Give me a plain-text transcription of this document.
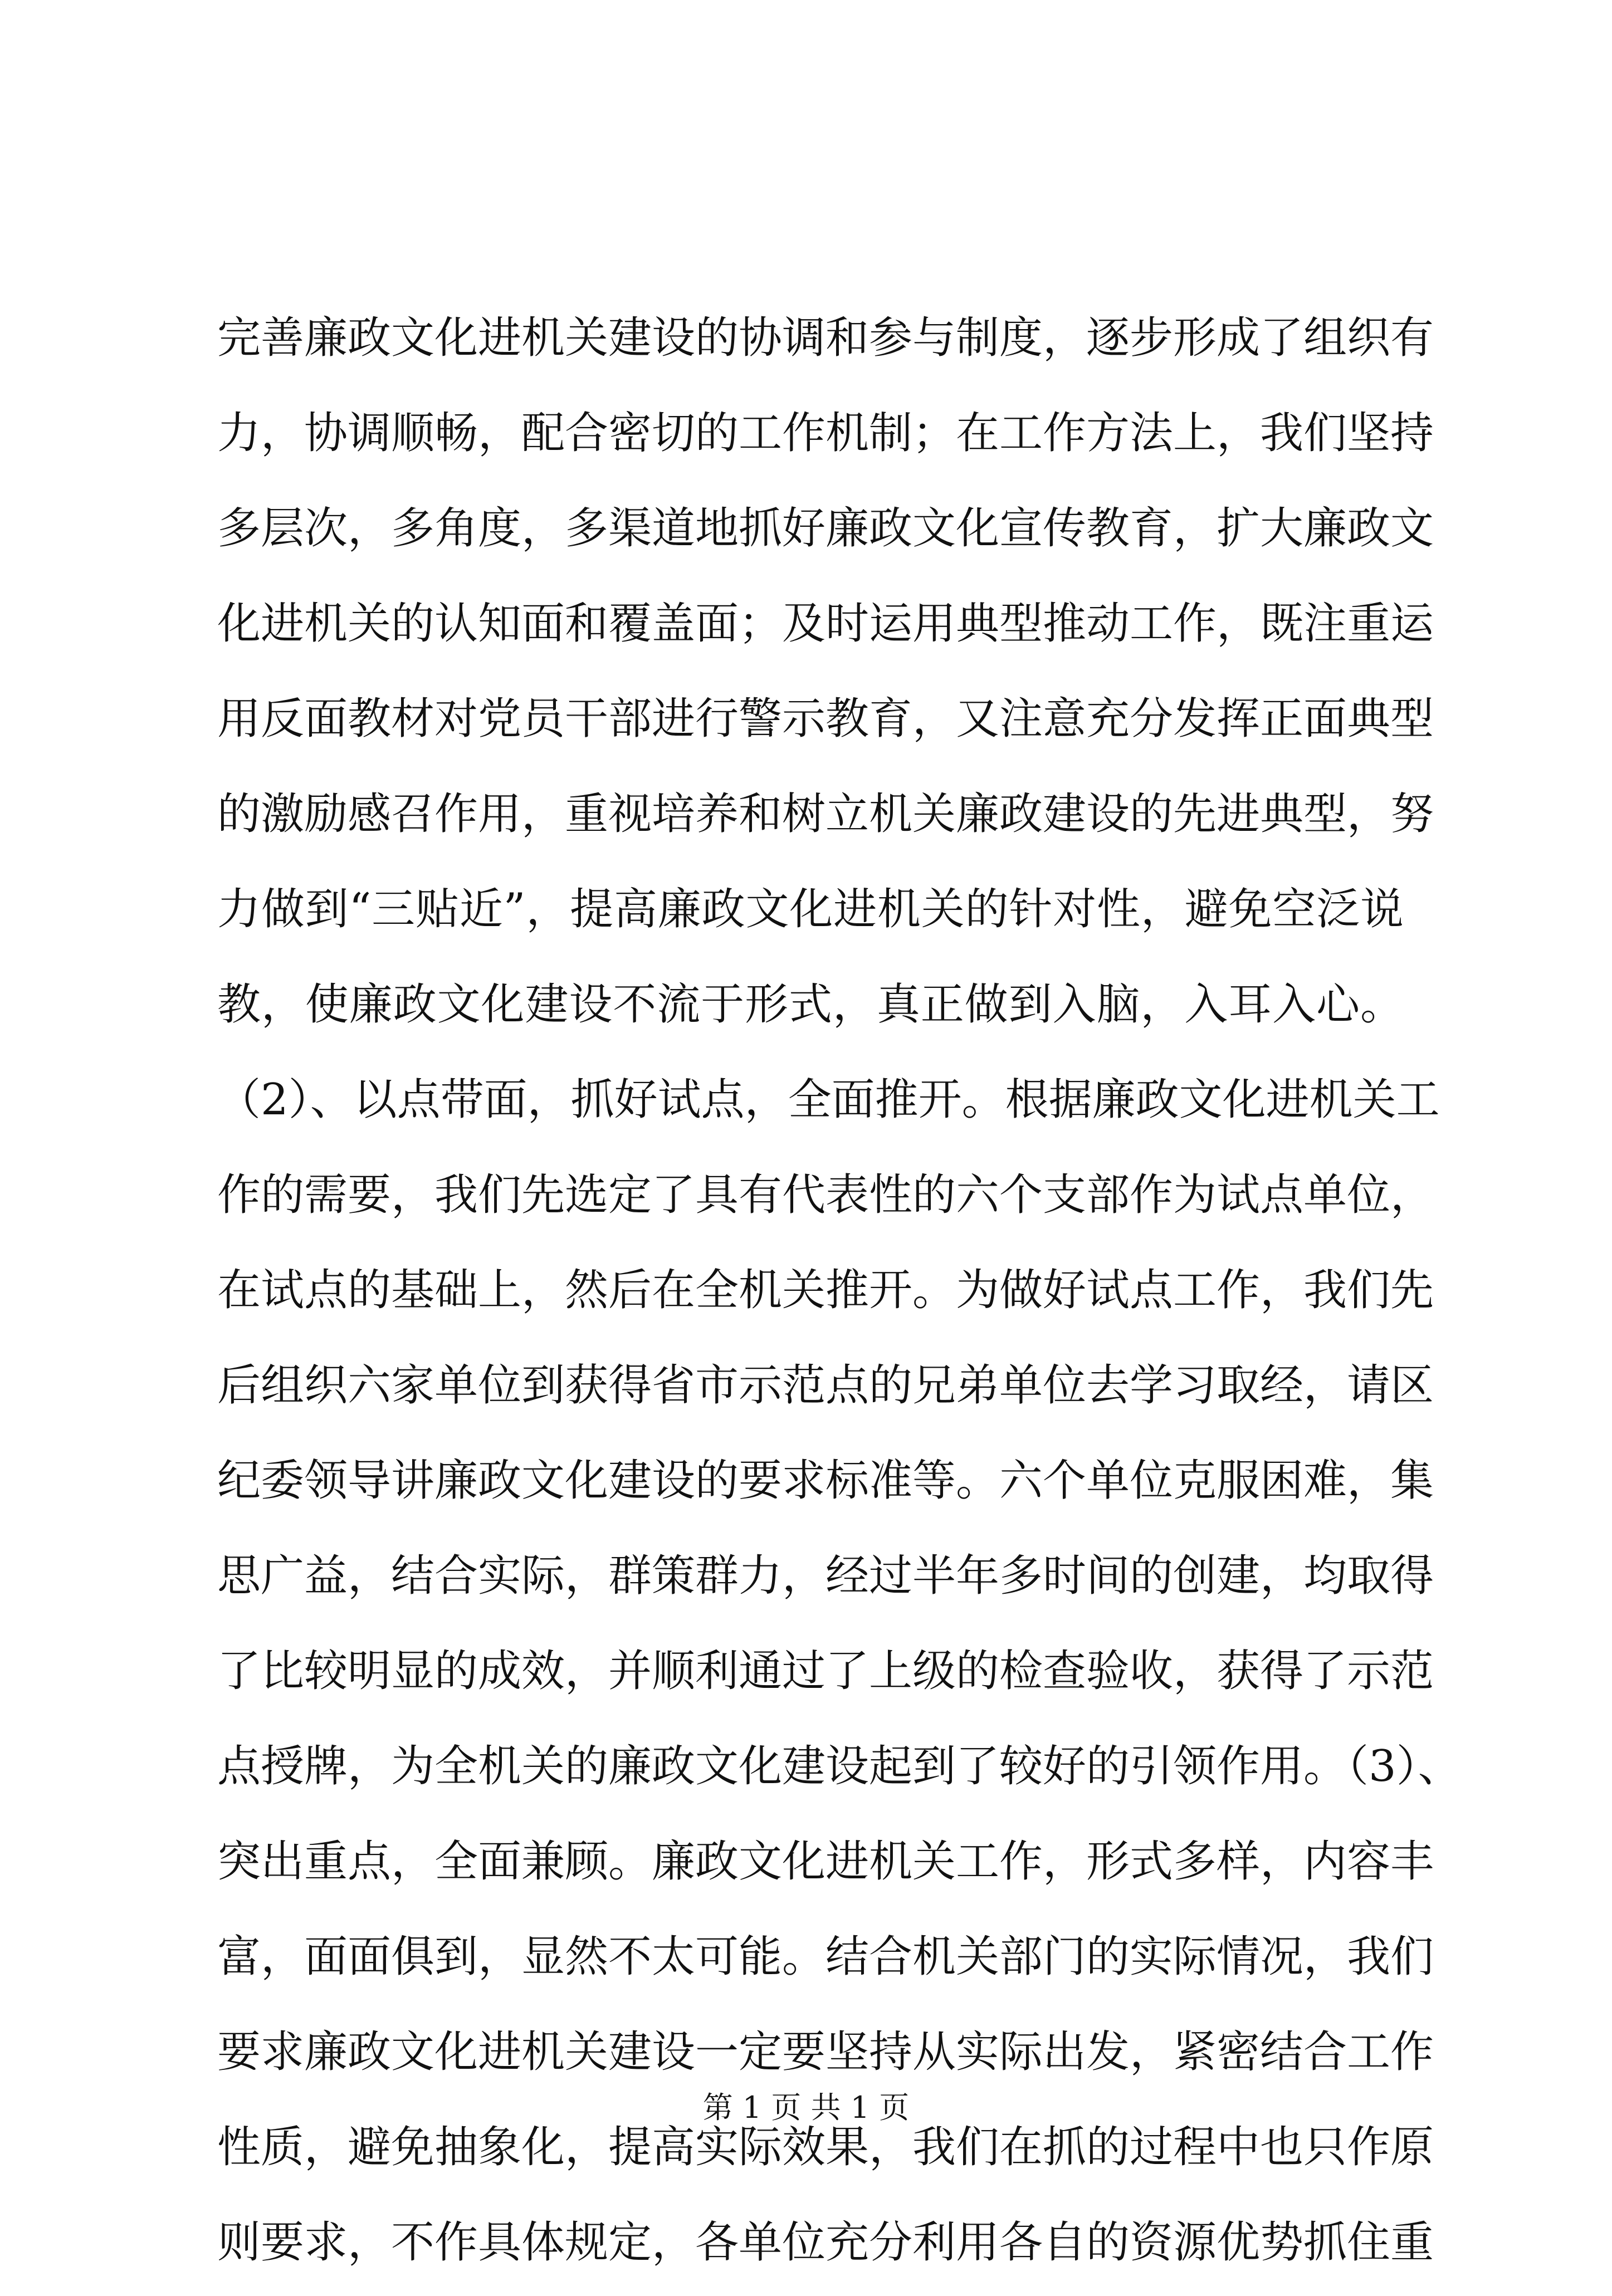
完善廉政文化进机关建设的协调和参与制度，逐步形成了组织有
力，协调顺畅，配合密切的工作机制；在工作方法上，我们坚持
多层次，多角度，多渠道地抓好廉政文化宣传教育，扩大廉政文
化进机关的认知面和覆盖面；及时运用典型推动工作，既注重运
用反面教材对党员干部进行警示教育，又注意充分发挥正面典型
的激励感召作用，重视培养和树立机关廉政建设的先进典型，努
力做到“三贴近”，提高廉政文化进机关的针对性，避免空泛说
教，使廉政文化建设不流于形式，真正做到入脑，入耳入心。
（2）、以点带面，抓好试点，全面推开。根据廉政文化进机关工
作的需要，我们先选定了具有代表性的六个支部作为试点单位，
在试点的基础上，然后在全机关推开。为做好试点工作，我们先
后组织六家单位到获得省市示范点的兄弟单位去学习取经，请区
纪委领导讲廉政文化建设的要求标准等。六个单位克服困难，集
思广益，结合实际，群策群力，经过半年多时间的创建，均取得
了比较明显的成效，并顺利通过了上级的检查验收，获得了示范
点授牌，为全机关的廉政文化建设起到了较好的引领作用。（3）、
突出重点，全面兼顾。廉政文化进机关工作，形式多样，内容丰
富，面面俱到，显然不太可能。结合机关部门的实际情况，我们
要求廉政文化进机关建设一定要坚持从实际出发，紧密结合工作
性质，避免抽象化，提高实际效果，我们在抓的过程中也只作原
则要求，不作具体规定，各单位充分利用各自的资源优势抓住重
第 1 页 共 1 页
